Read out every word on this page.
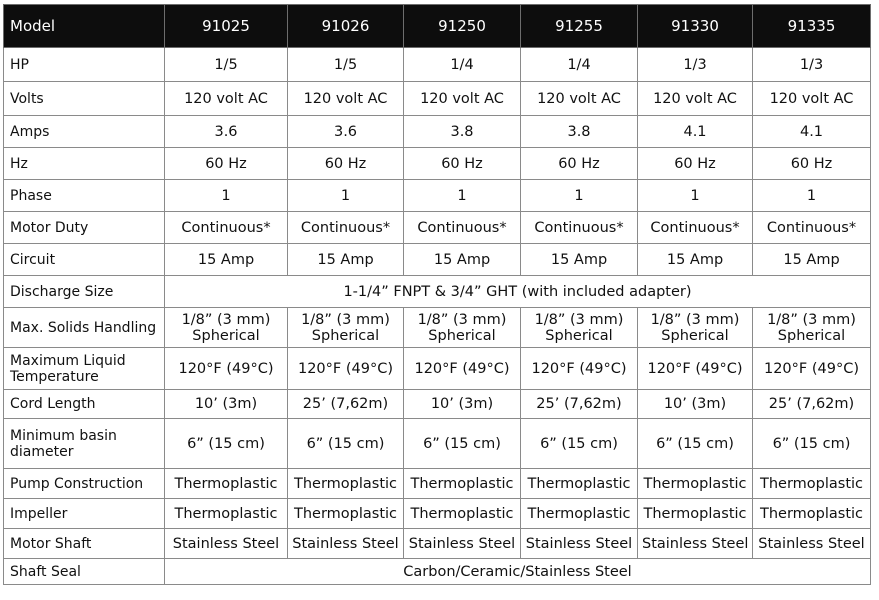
Model	91025	91026	91250	91255	91330	91335
HP	1/5	1/5	1/4	1/4	1/3	1/3
Volts	120 volt AC	120 volt AC	120 volt AC	120 volt AC	120 volt AC	120 volt AC
Amps	3.6	3.6	3.8	3.8	4.1	4.1
Hz	60 Hz	60 Hz	60 Hz	60 Hz	60 Hz	60 Hz
Phase	1	1	1	1	1	1
Motor Duty	Continuous*	Continuous*	Continuous*	Continuous*	Continuous*	Continuous*
Circuit	15 Amp	15 Amp	15 Amp	15 Amp	15 Amp	15 Amp
Discharge Size	1-1/4” FNPT & 3/4” GHT (with included adapter)					
Max. Solids Handling	1/8” (3 mm) Spherical	1/8” (3 mm) Spherical	1/8” (3 mm) Spherical	1/8” (3 mm) Spherical	1/8” (3 mm) Spherical	1/8” (3 mm) Spherical
Maximum Liquid Temperature	120°F (49°C)	120°F (49°C)	120°F (49°C)	120°F (49°C)	120°F (49°C)	120°F (49°C)
Cord Length	10’ (3m)	25’ (7,62m)	10’ (3m)	25’ (7,62m)	10’ (3m)	25’ (7,62m)
Minimum basin diameter	6” (15 cm)	6” (15 cm)	6” (15 cm)	6” (15 cm)	6” (15 cm)	6” (15 cm)
Pump Construction	Thermoplastic	Thermoplastic	Thermoplastic	Thermoplastic	Thermoplastic	Thermoplastic
Impeller	Thermoplastic	Thermoplastic	Thermoplastic	Thermoplastic	Thermoplastic	Thermoplastic
Motor Shaft	Stainless Steel	Stainless Steel	Stainless Steel	Stainless Steel	Stainless Steel	Stainless Steel
Shaft Seal	Carbon/Ceramic/Stainless Steel					
